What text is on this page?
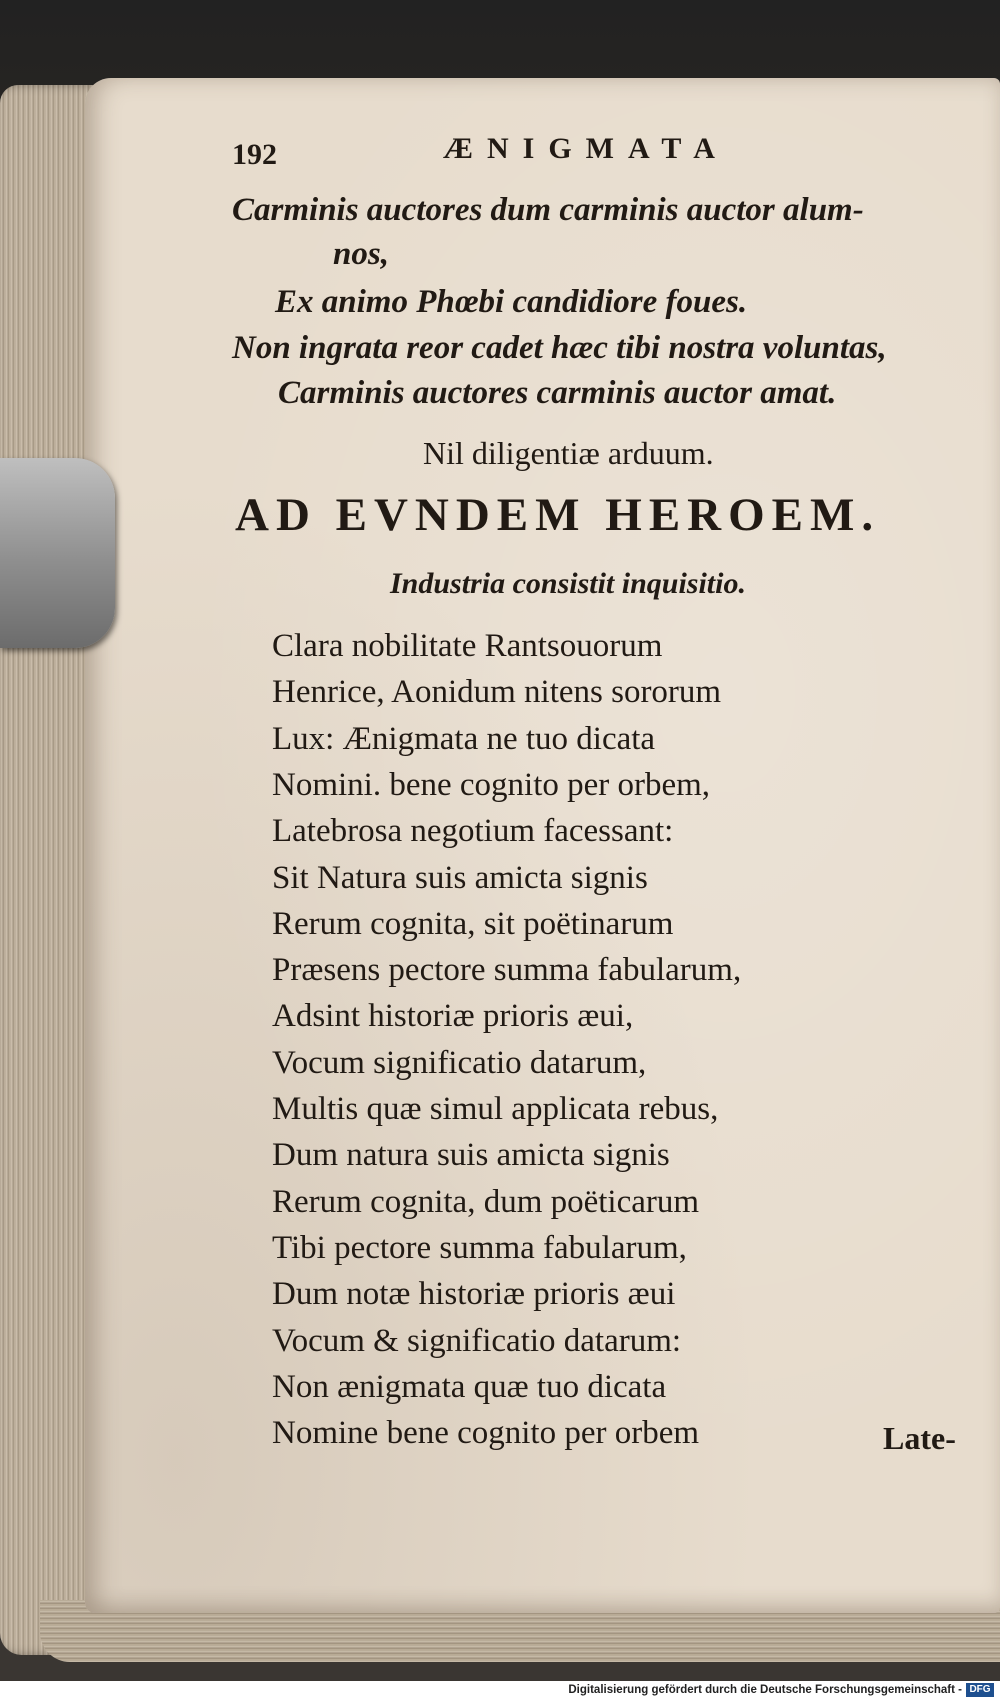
192	ÆNIGMATA
Carminis auctores dum carminis auctor alum-
nos,
Ex animo Phœbi candidiore foues.
Non ingrata reor cadet hæc tibi nostra voluntas,
Carminis auctores carminis auctor amat.
Nil diligentiæ arduum.
AD EVNDEM HEROEM.
Industria consistit inquisitio.
Clara nobilitate Rantsouorum
Henrice, Aonidum nitens sororum
Lux: Ænigmata ne tuo dicata
Nomini. bene cognito per orbem,
Latebrosa negotium facessant:
Sit Natura suis amicta signis
Rerum cognita, sit poëtinarum
Præsens pectore summa fabularum,
Adsint historiæ prioris æui,
Vocum significatio datarum,
Multis quæ simul applicata rebus,
Dum natura suis amicta signis
Rerum cognita, dum poëticarum
Tibi pectore summa fabularum,
Dum notæ historiæ prioris æui
Vocum & significatio datarum:
Non ænigmata quæ tuo dicata
Nomine bene cognito per orbem	Late-
Digitalisierung gefördert durch die Deutsche Forschungsgemeinschaft - DFG
